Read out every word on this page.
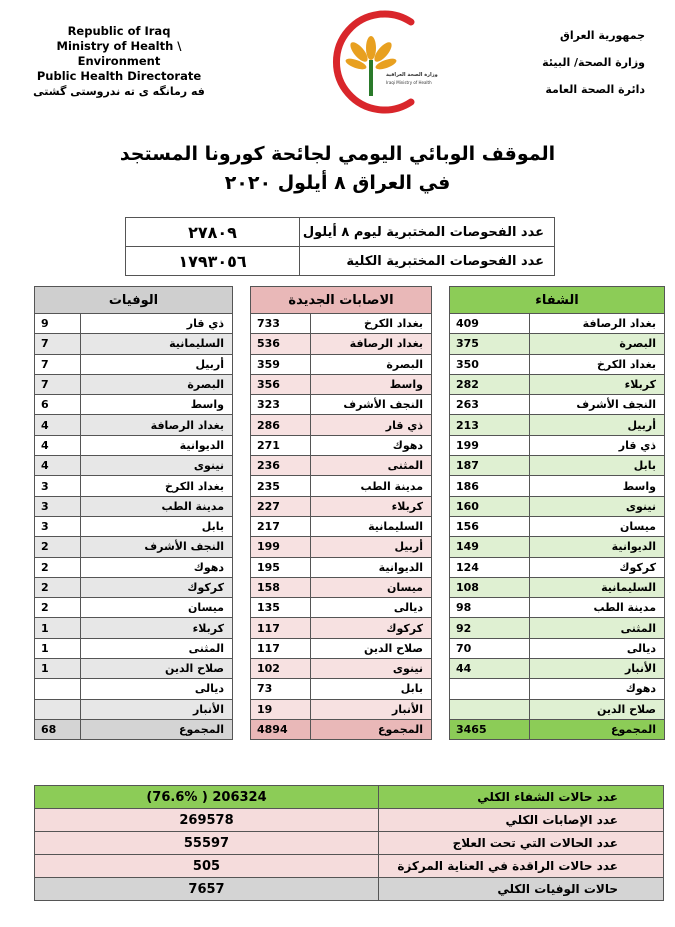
Republic of Iraq
Ministry of Health \ Environment
Public Health Directorate
فه رمانگه ی ته ندروستی گشتی
وزارة الصحة العراقية
Iraqi Ministry of Health
جمهورية العراق
وزارة الصحة/ البيئة
دائرة الصحة العامة
الموقف الوبائي اليومي لجائحة كورونا المستجد
في العراق ٨ أيلول ٢٠٢٠
٢٧٨٠٩	عدد الفحوصات المختبرية ليوم ٨ أيلول
١٧٩٣٠٥٦	عدد الفحوصات المختبرية الكلية
الشفاء	
409	بغداد الرصافة
375	البصرة
350	بغداد الكرخ
282	كربلاء
263	النجف الأشرف
213	أربيل
199	ذي قار
187	بابل
186	واسط
160	نينوى
156	ميسان
149	الديوانية
124	كركوك
108	السليمانية
98	مدينة الطب
92	المثنى
70	ديالى
44	الأنبار
	دهوك
	صلاح الدين
3465	المجموع
الاصابات الجديدة	
733	بغداد الكرخ
536	بغداد الرصافة
359	البصرة
356	واسط
323	النجف الأشرف
286	ذي قار
271	دهوك
236	المثنى
235	مدينة الطب
227	كربلاء
217	السليمانية
199	أربيل
195	الديوانية
158	ميسان
135	ديالى
117	كركوك
117	صلاح الدين
102	نينوى
73	بابل
19	الأنبار
4894	المجموع
الوفيات	
9	ذي قار
7	السليمانية
7	أربيل
7	البصرة
6	واسط
4	بغداد الرصافة
4	الديوانية
4	نينوى
3	بغداد الكرخ
3	مدينة الطب
3	بابل
2	النجف الأشرف
2	دهوك
2	كركوك
2	ميسان
1	كربلاء
1	المثنى
1	صلاح الدين
	ديالى
	الأنبار
68	المجموع
(76.6% ) 206324	عدد حالات الشفاء الكلي
269578	عدد الإصابات الكلي
55597	عدد الحالات التي تحت العلاج
505	عدد حالات الراقدة في العناية المركزة
7657	حالات الوفيات الكلي
